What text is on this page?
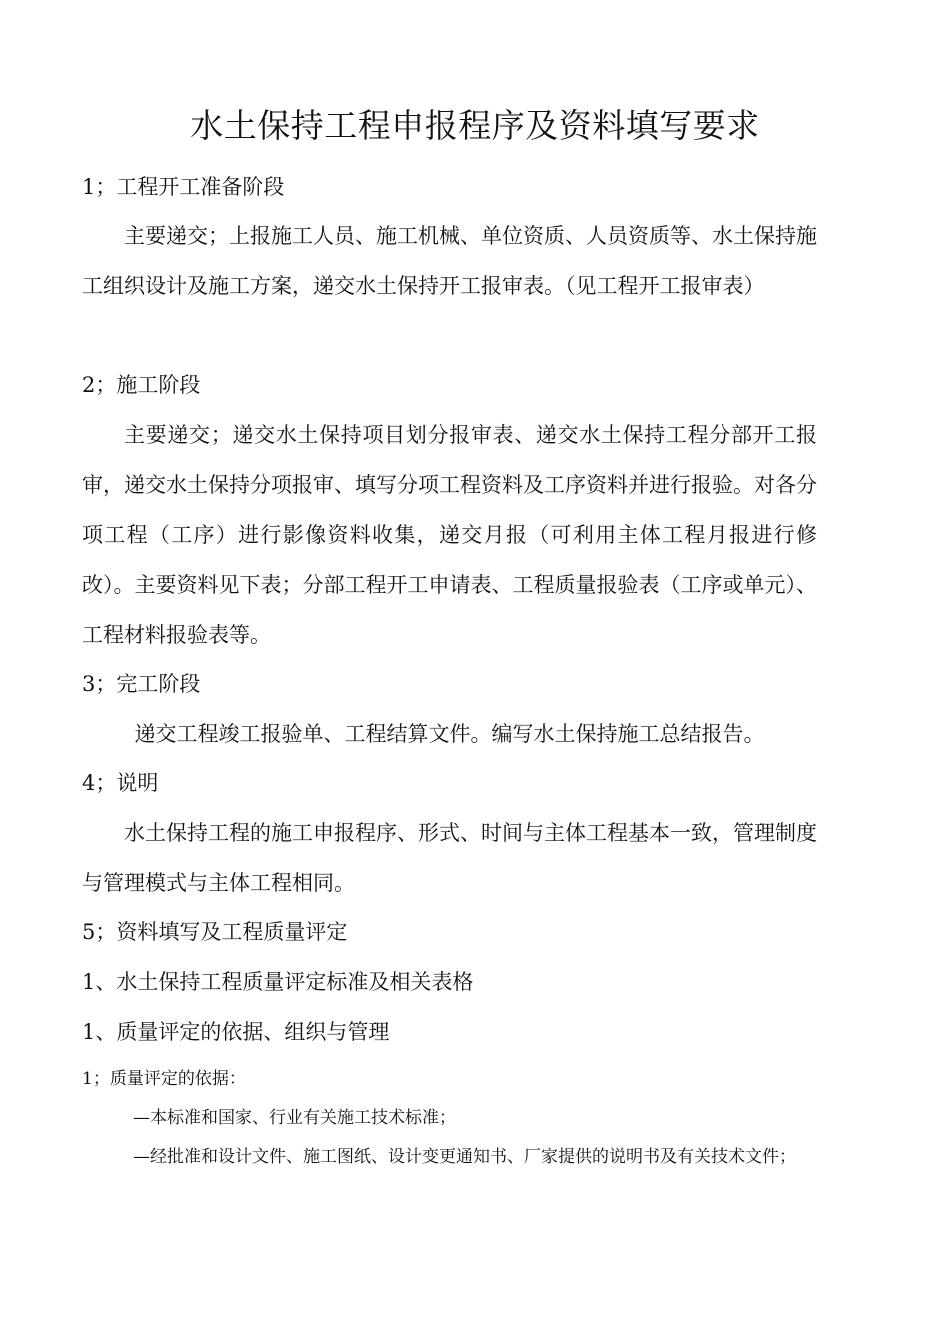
水土保持工程申报程序及资料填写要求
1；工程开工准备阶段

主要递交；上报施工人员、施工机械、单位资质、人员资质等、水土保持施工组织设计及施工方案，递交水土保持开工报审表。（见工程开工报审表）

2；施工阶段

主要递交；递交水土保持项目划分报审表、递交水土保持工程分部开工报审，递交水土保持分项报审、填写分项工程资料及工序资料并进行报验。对各分项工程（工序）进行影像资料收集，递交月报（可利用主体工程月报进行修改）。主要资料见下表；分部工程开工申请表、工程质量报验表（工序或单元）、工程材料报验表等。

3；完工阶段

递交工程竣工报验单、工程结算文件。编写水土保持施工总结报告。

4；说明

水土保持工程的施工申报程序、形式、时间与主体工程基本一致，管理制度与管理模式与主体工程相同。

5；资料填写及工程质量评定
1、水土保持工程质量评定标准及相关表格
1、质量评定的依据、组织与管理

1；质量评定的依据：

—本标准和国家、行业有关施工技术标准；

—经批准和设计文件、施工图纸、设计变更通知书、厂家提供的说明书及有关技术文件；
